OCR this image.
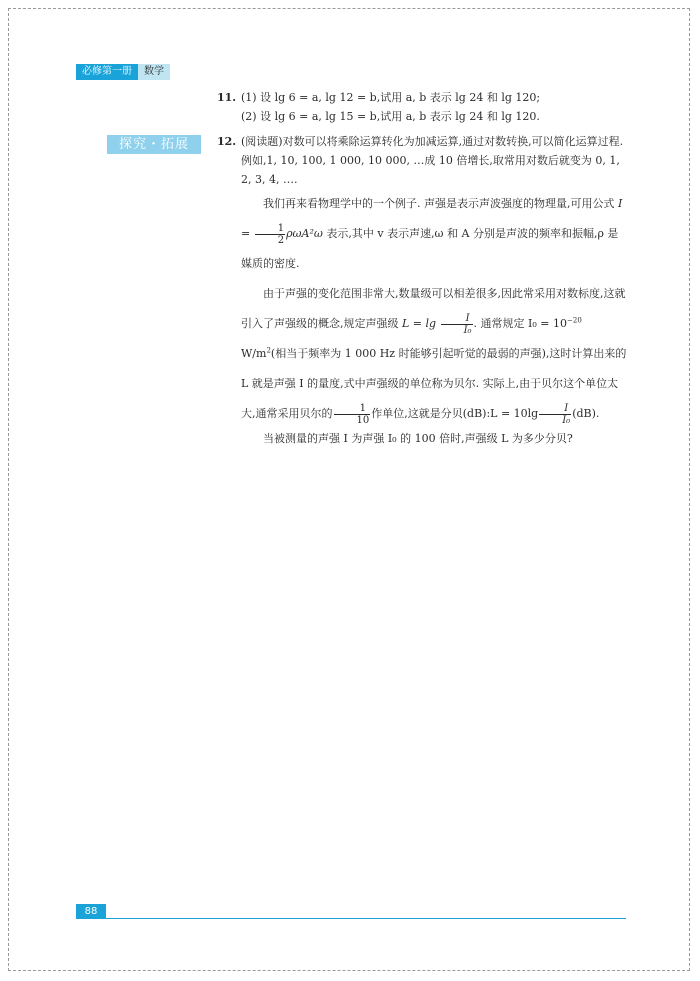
必修第一册	数学
探究・拓展
11. (1) 设 lg 6 = a, lg 12 = b,试用 a, b 表示 lg 24 和 lg 120;
(2) 设 lg 6 = a, lg 15 = b,试用 a, b 表示 lg 24 和 lg 120.
12. (阅读题)对数可以将乘除运算转化为加减运算,通过对数转换,可以简化运算过程. 例如,1, 10, 100, 1 000, 10 000, …成 10 倍增长,取常用对数后就变为 0, 1, 2, 3, 4, ….

我们再来看物理学中的一个例子. 声强是表示声波强度的物理量,可用公式 $I = \frac{1}{2} \rho\omega A^2\omega$ 表示,其中 v 表示声速,ω 和 A 分别是声波的频率和振幅,ρ 是媒质的密度.

由于声强的变化范围非常大,数量级可以相差很多,因此常采用对数标度,这就引入了声强级的概念,规定声强级 $L = \lg \frac{I}{\text{I₀}}$ . 通常规定 $I_0 = 10^{-20}$ $W/m^2$(相当于频率为 1 000 Hz 时能够引起听觉的最弱的声强),这时计算出来的 L 就是声强 I 的量度,式中声强级的单位称为贝尔. 实际上,由于贝尔这个单位太大,通常采用贝尔的 $\frac{1}{10}$ 作单位,这就是分贝(dB):L = $10\lg \frac{I}{\text{I₀}} (dB)$.

当被测量的声强 I 为声强 I₀ 的 100 倍时,声强级 L 为多少分贝?

88
